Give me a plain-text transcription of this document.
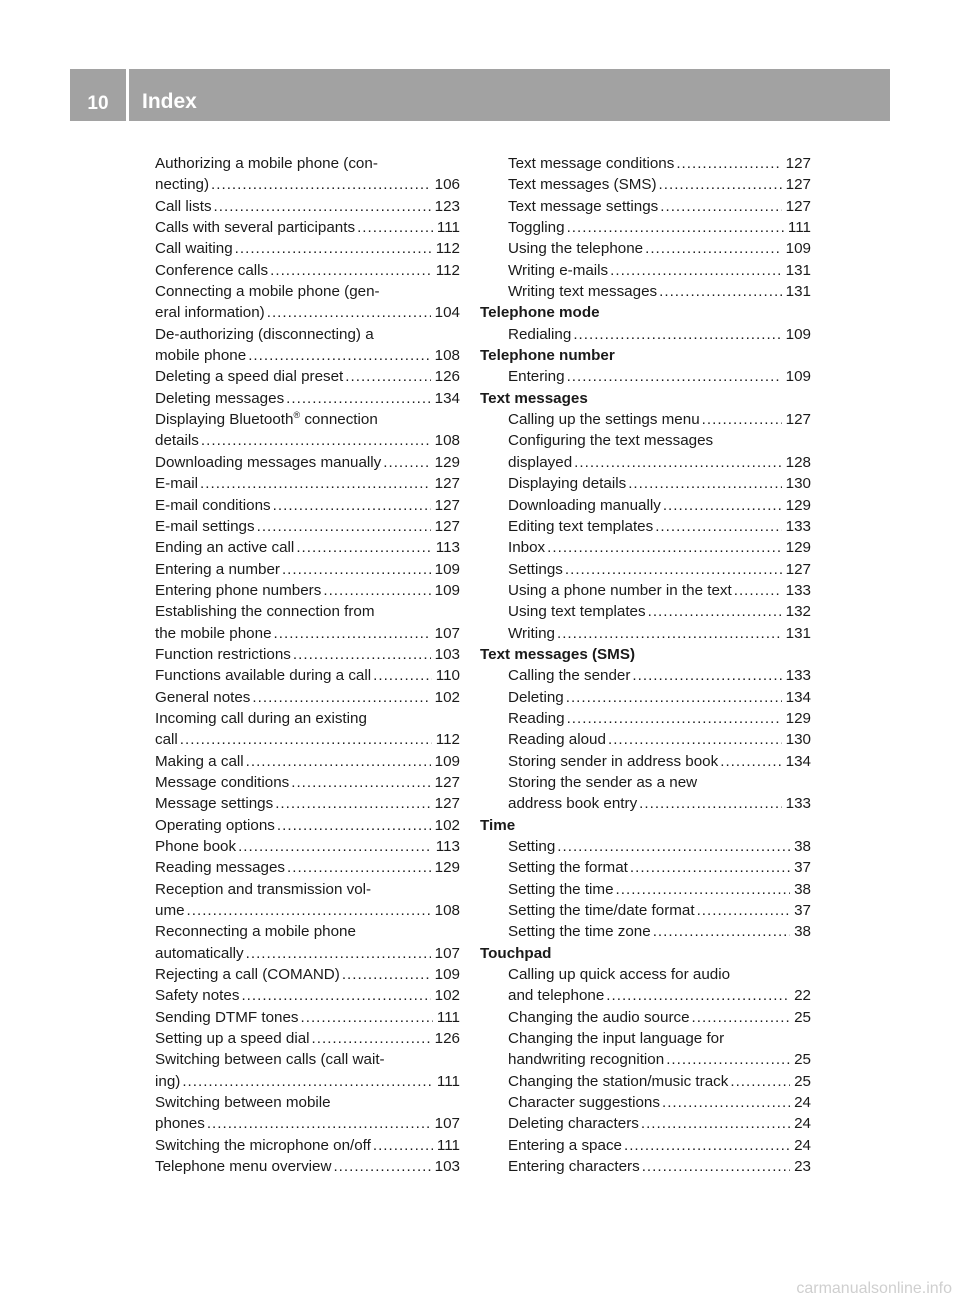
10	Index
Authorizing a mobile phone (con-
necting) .....	106
Call lists .....	123
Calls with several participants .....	111
Call waiting .....	112
Conference calls .....	112
Connecting a mobile phone (gen-
eral information) .....	104
De-authorizing (disconnecting) a
mobile phone .....	108
Deleting a speed dial preset .....	126
Deleting messages .....	134
Displaying Bluetooth® connection
details .....	108
Downloading messages manually .....	129
E-mail .....	127
E-mail conditions .....	127
E-mail settings .....	127
Ending an active call .....	113
Entering a number .....	109
Entering phone numbers .....	109
Establishing the connection from
the mobile phone .....	107
Function restrictions .....	103
Functions available during a call .....	110
General notes .....	102
Incoming call during an existing
call .....	112
Making a call .....	109
Message conditions .....	127
Message settings .....	127
Operating options .....	102
Phone book .....	113
Reading messages .....	129
Reception and transmission vol-
ume .....	108
Reconnecting a mobile phone
automatically .....	107
Rejecting a call (COMAND) .....	109
Safety notes .....	102
Sending DTMF tones .....	111
Setting up a speed dial .....	126
Switching between calls (call wait-
ing) .....	111
Switching between mobile
phones .....	107
Switching the microphone on/off .....	111
Telephone menu overview .....	103
Text message conditions .....	127
Text messages (SMS) .....	127
Text message settings .....	127
Toggling .....	111
Using the telephone .....	109
Writing e-mails .....	131
Writing text messages .....	131
Telephone mode
Redialing .....	109
Telephone number
Entering .....	109
Text messages
Calling up the settings menu .....	127
Configuring the text messages
displayed .....	128
Displaying details .....	130
Downloading manually .....	129
Editing text templates .....	133
Inbox .....	129
Settings .....	127
Using a phone number in the text .....	133
Using text templates .....	132
Writing .....	131
Text messages (SMS)
Calling the sender .....	133
Deleting .....	134
Reading .....	129
Reading aloud .....	130
Storing sender in address book .....	134
Storing the sender as a new
address book entry .....	133
Time
Setting .....	38
Setting the format .....	37
Setting the time .....	38
Setting the time/date format .....	37
Setting the time zone .....	38
Touchpad
Calling up quick access for audio
and telephone .....	22
Changing the audio source .....	25
Changing the input language for
handwriting recognition .....	25
Changing the station/music track .....	25
Character suggestions .....	24
Deleting characters .....	24
Entering a space .....	24
Entering characters .....	23
carmanualsonline.info
